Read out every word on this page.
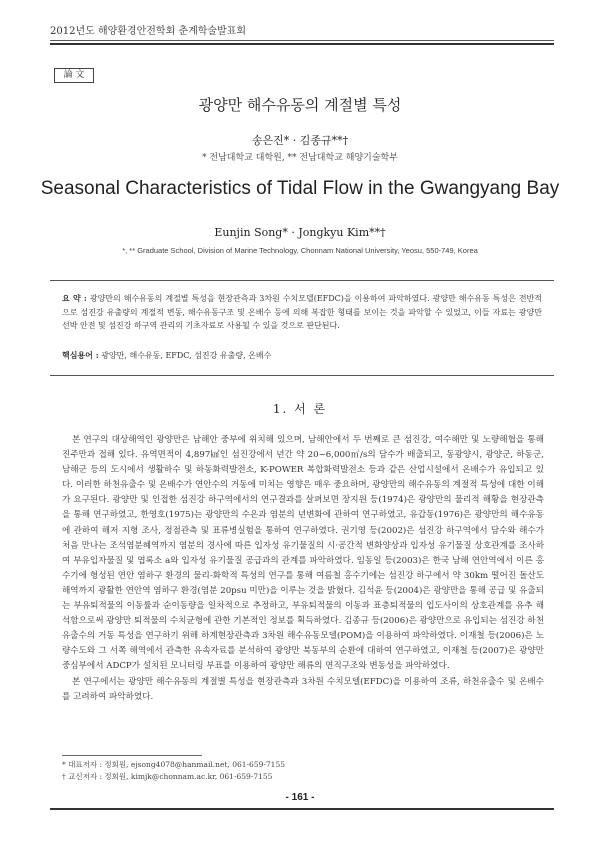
2012년도 해양환경안전학회 춘계학술발표회
論 文
광양만 해수유동의 계절별 특성
송은진* · 김종규**†
* 전남대학교 대학원, ** 전남대학교 해양기술학부
Seasonal Characteristics of Tidal Flow in the Gwangyang Bay
Eunjin Song* · Jongkyu Kim**†
*, ** Graduate School, Division of Marine Technology, Chonnam National University, Yeosu, 550-749, Korea
요 약 : 광양만의 해수유동의 계절별 특성을 현장관측과 3차원 수치모델(EFDC)을 이용하여 파악하였다. 광양만 해수유동 특성은 전반적으로 섬진강 유출량의 계절적 변동, 해수유동구조 및 온배수 등에 의해 복잡한 형태를 보이는 것을 파악할 수 있었고, 이들 자료는 광양만 선박 안전 및 섬진강 하구역 관리의 기초자료로 사용될 수 있을 것으로 판단된다.
핵심용어 : 광양만, 해수유동, EFDC, 섬진강 유출량, 온배수
1. 서 론

본 연구의 대상해역인 광양만은 남해안 중부에 위치해 있으며, 남해안에서 두 번째로 큰 섬진강, 여수해만 및 노량해협을 통해 진주만과 접해 있다. 유역면적이 4,897㎢인 섬진강에서 년간 약 20~6,000㎥/s의 담수가 배출되고, 동광양시, 광양군, 하동군, 남해군 등의 도시에서 생활하수 및 하동화력발전소, K-POWER 복합화력발전소 등과 같은 산업시설에서 온배수가 유입되고 있다. 이러한 하천유출수 및 온배수가 연안수의 거동에 미치는 영향은 매우 중요하며, 광양만의 해수유동의 계절적 특성에 대한 이해가 요구된다. 광양만 및 인접한 섬진강 하구역에서의 연구결과를 살펴보면 장지원 등(1974)은 광양만의 물리적 해황을 현장관측을 통해 연구하였고, 한영호(1975)는 광양만의 수온과 염분의 년변화에 관하여 연구하였고, 유갑동(1976)은 광양만의 해수유동에 관하여 해저 지형 조사, 정점관측 및 표류병실험을 통하여 연구하였다. 권기영 등(2002)은 섬진강 하구역에서 담수와 해수가 처음 만나는 조석염분혜역까지 염분의 경사에 따른 입자성 유기물질의 시·공간적 변화양상과 입자성 유기물질 상호관계를 조사하여 부유입자물질 및 엽록소 a와 입자성 유기물질 공급과의 관계를 파악하였다. 임동일 등(2003)은 한국 남해 연안역에서 이른 홍수기에 형성된 연안 염하구 환경의 물리-화학적 특성의 연구를 통해 여름철 홍수기에는 섬진강 하구에서 약 30km 떨어진 돌산도 해역까지 광활한 연안역 염하구 환경(염분 20psu 미만)을 이루는 것을 밝혔다. 김석윤 등(2004)은 광양만을 통해 공급 및 유출되는 부유퇴적물의 이동률과 순이동량을 일차적으로 추정하고, 부유퇴적물의 이동과 표층퇴적물의 입도사이의 상호관계를 유추 해석함으로써 광양만 퇴적물의 수치균형에 관한 기본적인 정보를 획득하였다. 김종규 등(2006)은 광양만으로 유입되는 섬진강 하천유출수의 거동 특성을 연구하기 위해 하계현장관측과 3차원 해수유동모델(POM)을 이용하여 파악하였다. 이재철 등(2006)은 노량수도와 그 서쪽 해역에서 관측한 유속자료를 분석하여 광양만 북동부의 순환에 대하여 연구하였고, 이재철 등(2007)은 광양만 중심부에서 ADCP가 설치된 모니터링 부표를 이용하여 광양만 해류의 연직구조와 변동성을 파악하였다.

본 연구에서는 광양만 해수유동의 계절별 특성을 현장관측과 3차원 수치모델(EFDC)을 이용하여 조류, 하천유출수 및 온배수를 고려하여 파악하였다.

* 대표저자 : 정회원, ejsong4078@hanmail.net, 061-659-7155
† 교신저자 : 정회원, kimjk@chonnam.ac.kr, 061-659-7155
- 161 -
